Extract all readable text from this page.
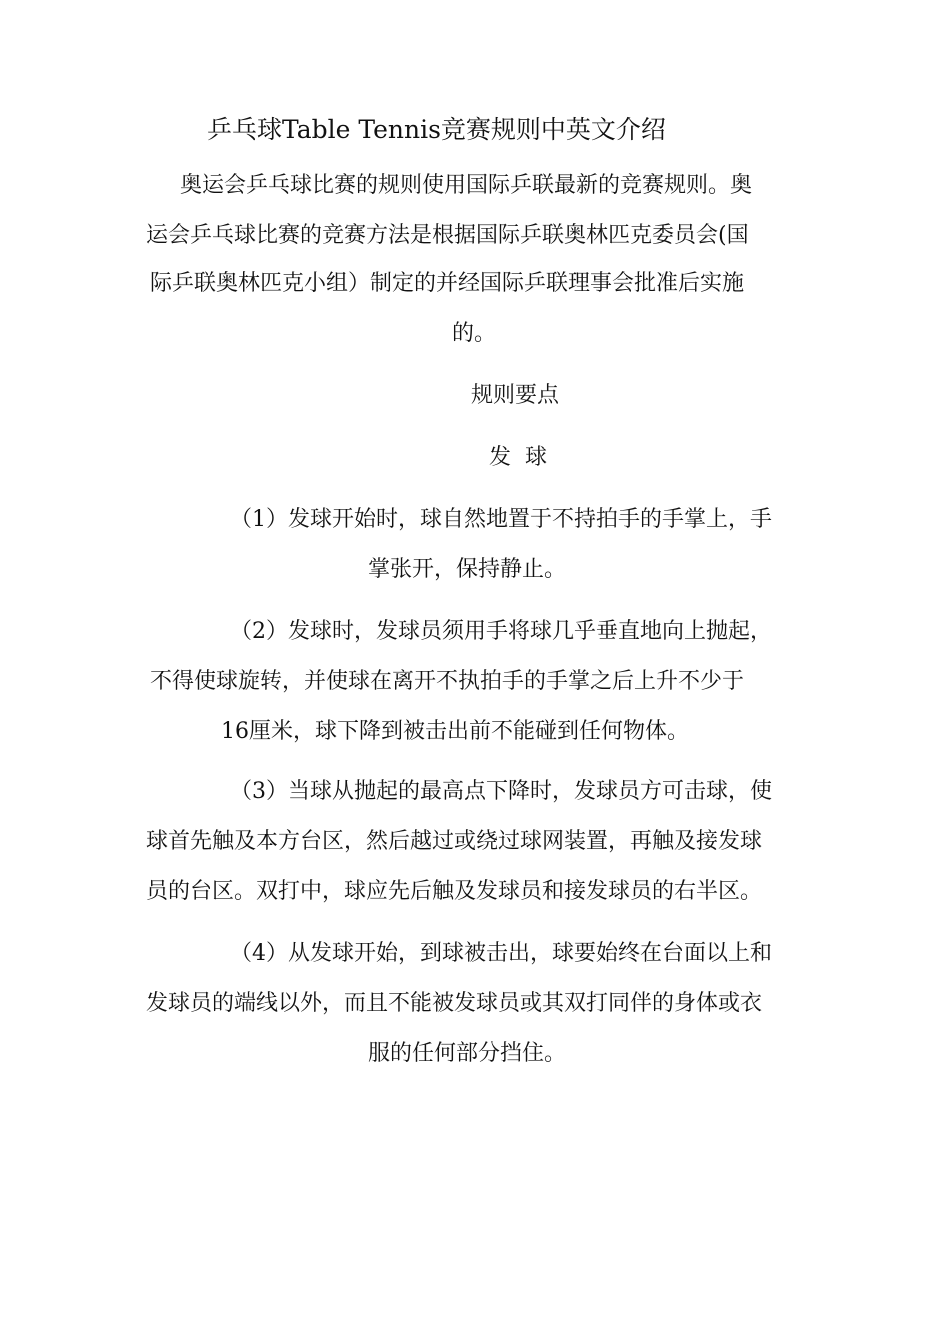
乒乓球Table Tennis竞赛规则中英文介绍
奥运会乒乓球比赛的规则使用国际乒联最新的竞赛规则。奥
运会乒乓球比赛的竞赛方法是根据国际乒联奥林匹克委员会(国
际乒联奥林匹克小组）制定的并经国际乒联理事会批准后实施
的。
规则要点
发  球
（1）发球开始时，球自然地置于不持拍手的手掌上，手
掌张开，保持静止。
（2）发球时，发球员须用手将球几乎垂直地向上抛起，
不得使球旋转，并使球在离开不执拍手的手掌之后上升不少于
16厘米，球下降到被击出前不能碰到任何物体。
（3）当球从抛起的最高点下降时，发球员方可击球，使
球首先触及本方台区，然后越过或绕过球网装置，再触及接发球
员的台区。双打中，球应先后触及发球员和接发球员的右半区。
（4）从发球开始，到球被击出，球要始终在台面以上和
发球员的端线以外，而且不能被发球员或其双打同伴的身体或衣
服的任何部分挡住。
